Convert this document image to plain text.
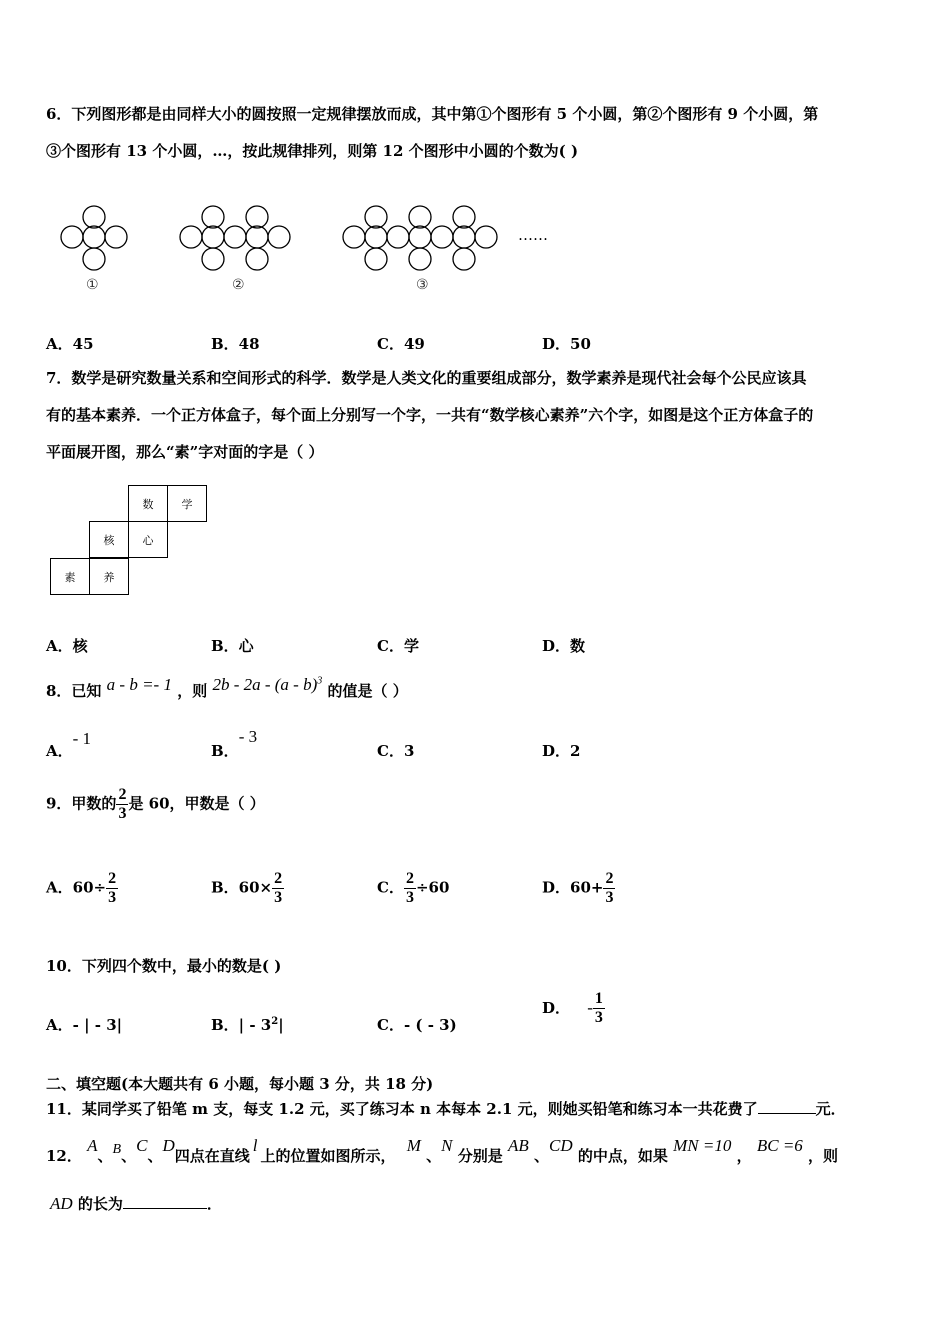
6．下列图形都是由同样大小的圆按照一定规律摆放而成，其中第①个图形有 5 个小圆，第②个图形有 9 个小圆，第
③个图形有 13 个小圆，…，按此规律排列，则第 12 个图形中小圆的个数为( )
……
①	②	③
A．45	B．48	C．49	D．50
7．数学是研究数量关系和空间形式的科学．数学是人类文化的重要组成部分，数学素养是现代社会每个公民应该具
有的基本素养．一个正方体盒子，每个面上分别写一个字，一共有“数学核心素养”六个字，如图是这个正方体盒子的
平面展开图，那么“素”字对面的字是（ ）
数	学
核	心
素	养
A．核	B．心	C．学	D．数
8．已知 a - b =- 1 ，则 2b - 2a - (a - b)$^3$ 的值是（ ）
A．- 1
B．- 3
C．3	D．2
9．甲数的 $\frac{2}{3}$ 是 60，甲数是（ ）
A．$60\div \frac{2}{3}$	B．$60\times \frac{2}{3}$	C． $\frac{2}{3} \div 60$	D．$60+ \frac{2}{3}$
10．下列四个数中，最小的数是( )
A．- | - 3|	B．| - $3^2|$	C．- ( - 3)
D． - $\frac{1}{3}$
二、填空题(本大题共有 6 小题，每小题 3 分，共 18 分)
11．某同学买了铅笔 m 支，每支 1.2 元，买了练习本 n 本每本 2.1 元，则她买铅笔和练习本一共花费了	元．
12． A、B、C、D四点在直线l上的位置如图所示， M 、N 分别是 AB 、CD 的中点，如果 MN =10 ， BC =6 ，则
AD 的长为	．
